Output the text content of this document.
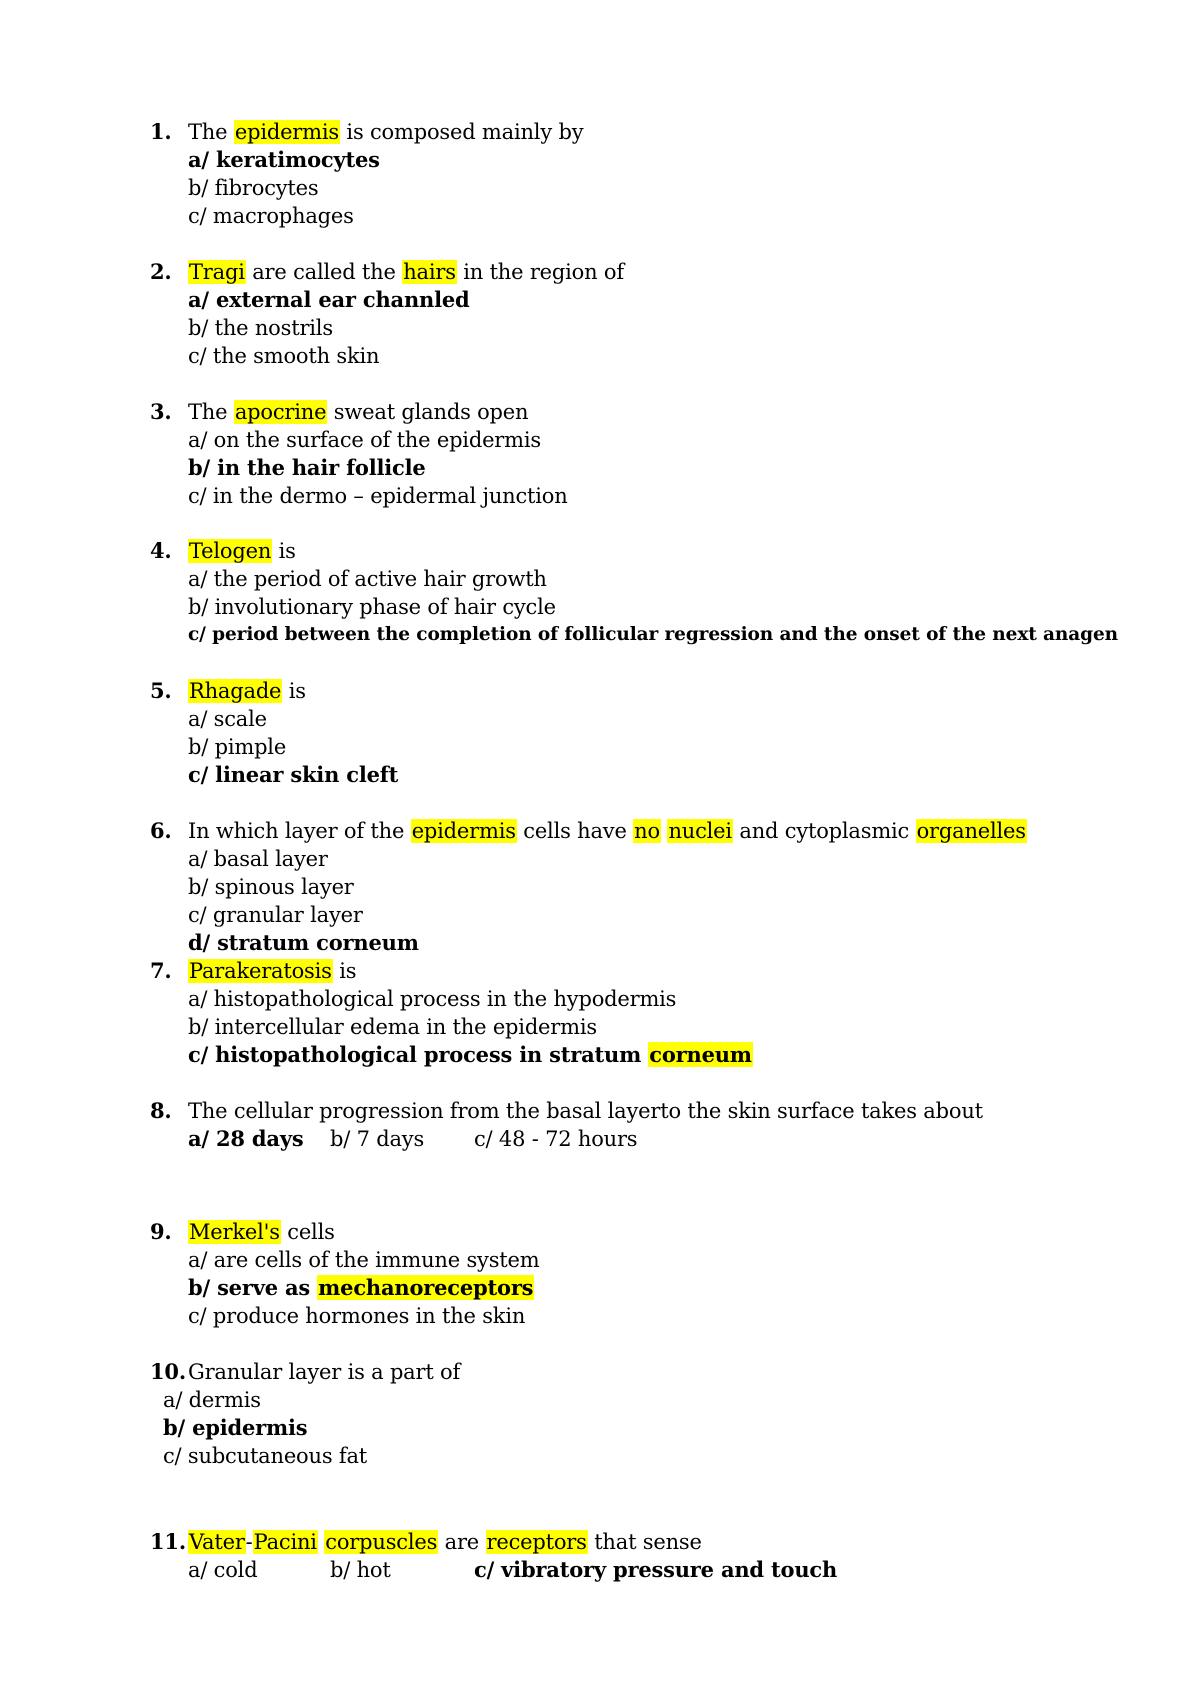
1. The epidermis is composed mainly by
a/ keratimocytes
b/ fibrocytes
c/ macrophages
2. Tragi are called the hairs in the region of
a/ external ear channled
b/ the nostrils
c/ the smooth skin
3. The apocrine sweat glands open
a/ on the surface of the epidermis
b/ in the hair follicle
c/ in the dermo – epidermal junction
4. Telogen is
a/ the period of active hair growth
b/ involutionary phase of hair cycle
c/ period between the completion of follicular regression and the onset of the next anagen
5. Rhagade is
a/ scale
b/ pimple
c/ linear skin cleft
6. In which layer of the epidermis cells have no nuclei and cytoplasmic organelles
a/ basal layer
b/ spinous layer
c/ granular layer
d/ stratum corneum
7. Parakeratosis is
a/ histopathological process in the hypodermis
b/ intercellular edema in the epidermis
c/ histopathological process in stratum corneum
8. The cellular progression from the basal layerto the skin surface takes about
a/ 28 days b/ 7 days c/ 48 - 72 hours
9. Merkel's cells
a/ are cells of the immune system
b/ serve as mechanoreceptors
c/ produce hormones in the skin
10. Granular layer is a part of
a/ dermis
b/ epidermis
c/ subcutaneous fat
11. Vater-Pacini corpuscles are receptors that sense
a/ cold	b/ hot	c/ vibratory pressure and touch
